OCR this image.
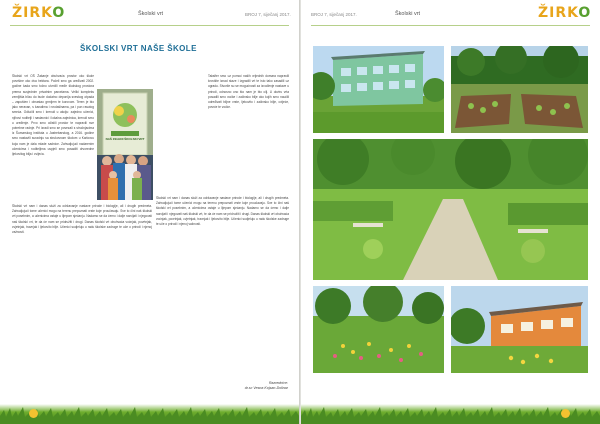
ŽIRKO	Školski vrt	BROJ 7, siječanj 2017.
ŠKOLSKI VRT NAŠE ŠKOLE
NAŠ ZELENI ŠKOLSKI VRT

Školski vrt OŠ Žakanje obuhvaća prostor oko škole površine oko dva hektara. Počeli smo ga uređivati 2002. godine kada smo točno utvrdili međe školskog prostora prema susjednim privatnim parcelama. Veliki kompleks zemljišta blizu do bude dodatno deponija sveskog otpada – zapušten i obrastao grmljem te korovom. Teren je bio jako neravan, s kanalima i rovdašinama, pa i pun rasutog smeća. Odlučili smo i krenuli u akciju: zajedno učenici, njihovi roditelji i nastavnici i lokalna zajednica, krenuli smo u uređenje. Prvo smo očistili prostor te napravili sve potrebne radnje. Pri izradi smo se povezali s stručnjacima iz Šumarskog instituta u Jastrebarskog, a 2016. godine smo nastavili suradnju sa strukovnom školom u Karlovcu koja nam je dala mlade sadnice. Zahvaljujući nadarenim učenicima i roditeljima uspjeli smo posaditi drvoredne ljekovitog bilja i cvijeća.

Školski vrt nam i danas služi za održavanje nastave prirode i biologije, ali i drugih predmeta. Zahvaljujući tome učenici mogu na terenu prepoznati vrste koje proučavaju. Sve to čini naš školski vrt posebnim, a učenicima ostaje u lijepom sjećanju. Nadamo se da ćemo i dalje razvijati i njegovati naš školski vrt, te da će nam se pridružiti i drugi. Danas školski vrt obuhvaća voćnjak, povrtnjak, cvjetnjak, travnjak i ljekovito bilje. Učenici sudjeluju u radu školske zadruge te uče o prirodi i njenoj važnosti.

Taksifer smo uz pomoć naših vrijednih domara napravili krovište iznad staze i izgradili vrt te isto tako zasadili uz ogradu. Stvorile su se mogućnosti za izvođenje nastave u prirodi, odnosno ono što nam je bio cilj. U okviru vrta posadili smo voćke i začinsko bilje oko kojih smo naučili određivati biljne vrste, ljekovito i začinsko bilje, cvijeće, povrće te voćke.

Školski vrt nam i danas služi za održavanje nastave prirode i biologije, ali i drugih predmeta. Zahvaljujući tome učenici mogu na terenu prepoznati vrste koje proučavaju. Sve to čini naš školski vrt posebnim, a učenicima ostaje u lijepom sjećanju. Nadamo se da ćemo i dalje razvijati i njegovati naš školski vrt, te da će nam se pridružiti i drugi. Danas školski vrt obuhvaća voćnjak, povrtnjak, cvjetnjak, travnjak i ljekovito bilje. Učenici sudjeluju u radu školske zadruge te uče o prirodi i njenoj važnosti.

Razrednice:
dr.sc Vesna Kojsan-Dolinar
BROJ 7, siječanj 2017.	Školski vrt	ŽIRKO
